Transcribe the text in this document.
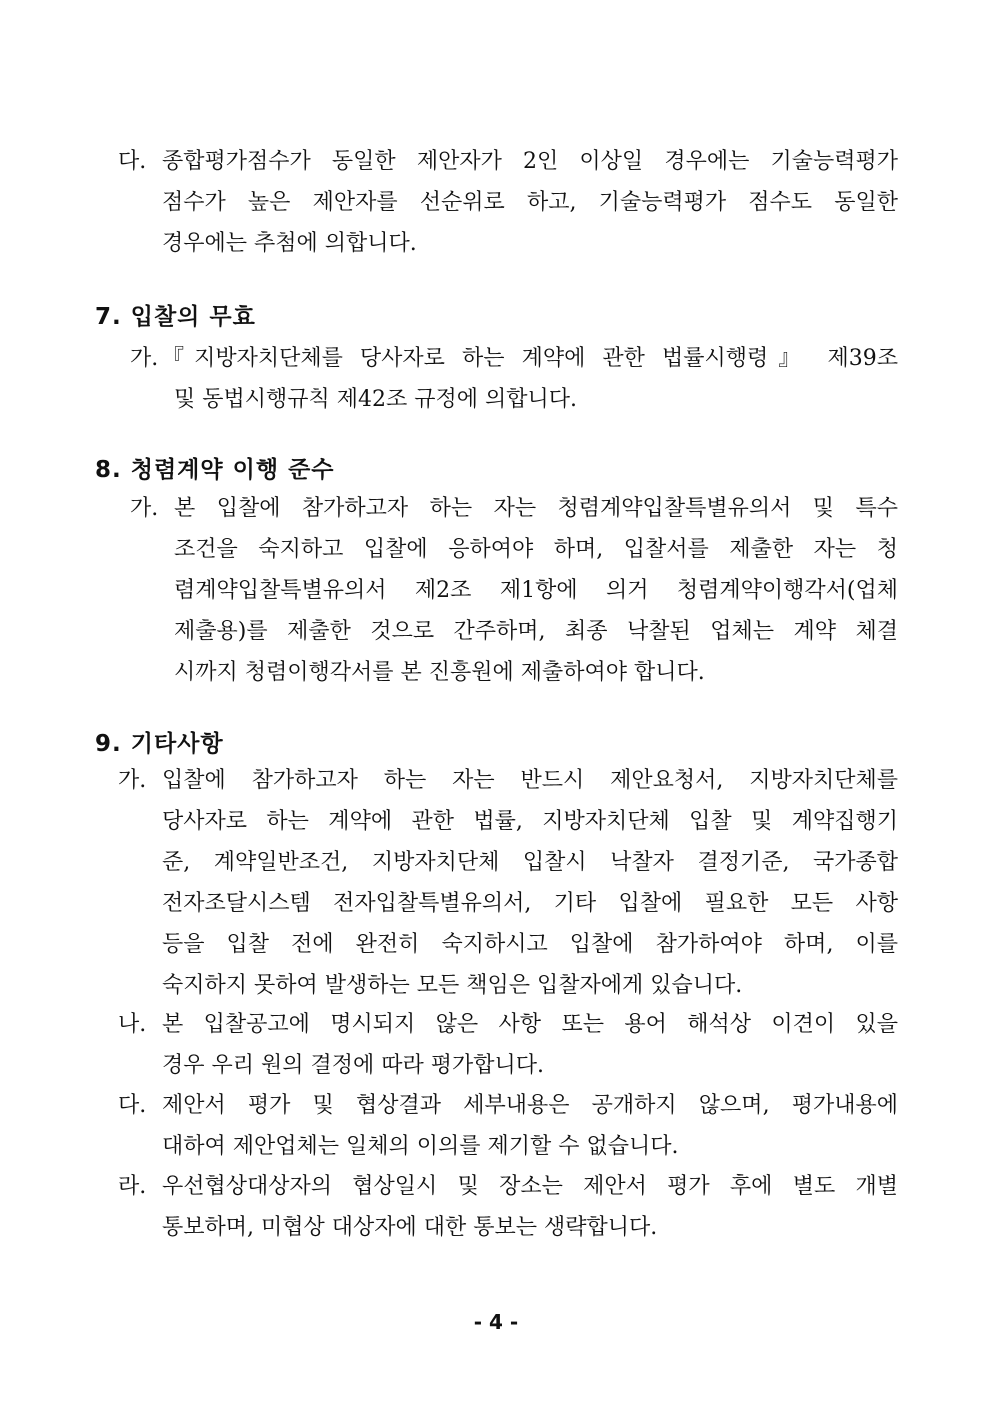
다. 종합평가점수가 동일한 제안자가 2인 이상일 경우에는 기술능력평가
점수가 높은 제안자를 선순위로 하고, 기술능력평가 점수도 동일한
경우에는 추첨에 의합니다.
7. 입찰의 무효
가. 『지방자치단체를 당사자로 하는 계약에 관한 법률시행령』 제39조
및 동법시행규칙 제42조 규정에 의합니다.
8. 청렴계약 이행 준수
가. 본 입찰에 참가하고자 하는 자는 청렴계약입찰특별유의서 및 특수
조건을 숙지하고 입찰에 응하여야 하며, 입찰서를 제출한 자는 청
렴계약입찰특별유의서 제2조 제1항에 의거 청렴계약이행각서(업체
제출용)를 제출한 것으로 간주하며, 최종 낙찰된 업체는 계약 체결
시까지 청렴이행각서를 본 진흥원에 제출하여야 합니다.
9. 기타사항
가. 입찰에 참가하고자 하는 자는 반드시 제안요청서, 지방자치단체를
당사자로 하는 계약에 관한 법률, 지방자치단체 입찰 및 계약집행기
준, 계약일반조건, 지방자치단체 입찰시 낙찰자 결정기준, 국가종합
전자조달시스템 전자입찰특별유의서, 기타 입찰에 필요한 모든 사항
등을 입찰 전에 완전히 숙지하시고 입찰에 참가하여야 하며, 이를
숙지하지 못하여 발생하는 모든 책임은 입찰자에게 있습니다.
나. 본 입찰공고에 명시되지 않은 사항 또는 용어 해석상 이견이 있을
경우 우리 원의 결정에 따라 평가합니다.
다. 제안서 평가 및 협상결과 세부내용은 공개하지 않으며, 평가내용에
대하여 제안업체는 일체의 이의를 제기할 수 없습니다.
라. 우선협상대상자의 협상일시 및 장소는 제안서 평가 후에 별도 개별
통보하며, 미협상 대상자에 대한 통보는 생략합니다.
- 4 -
